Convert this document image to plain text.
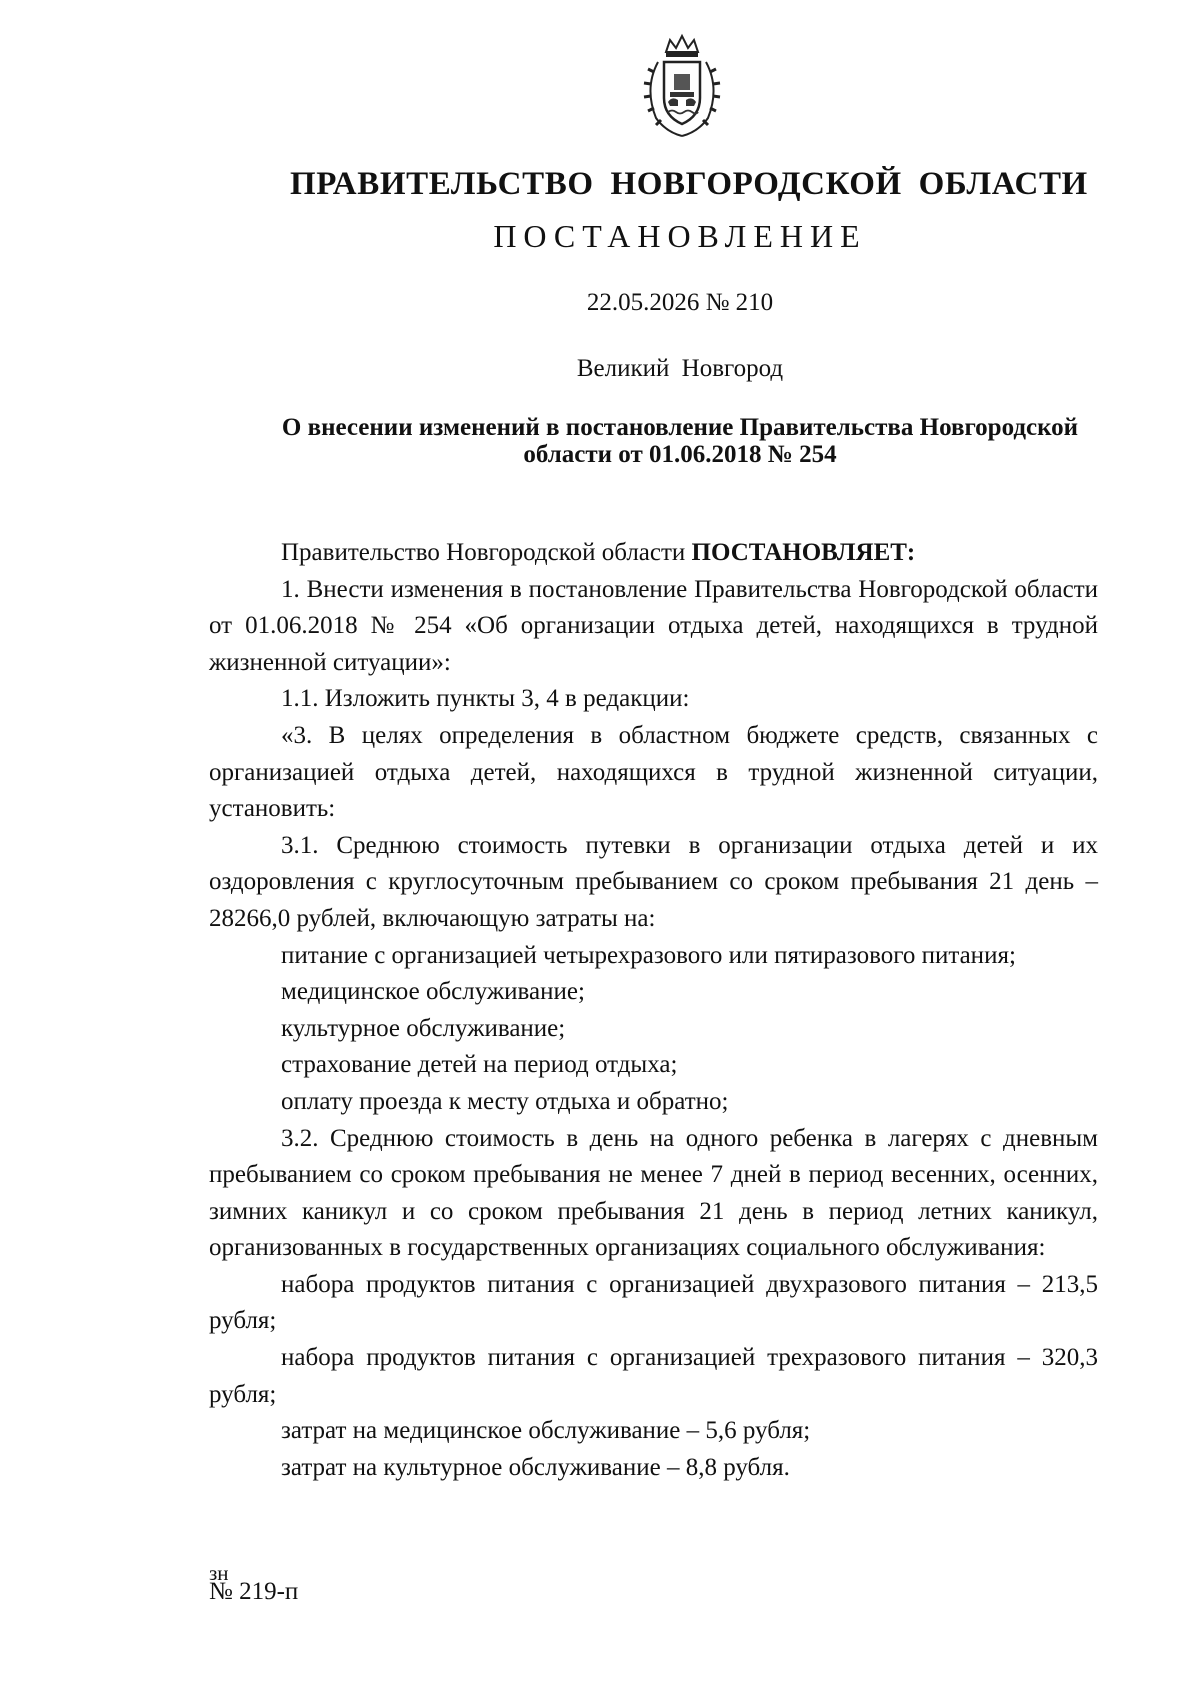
ПРАВИТЕЛЬСТВО НОВГОРОДСКОЙ ОБЛАСТИ

ПОСТАНОВЛЕНИЕ

22.05.2026 № 210

Великий Новгород

О внесении изменений в постановление Правительства Новгородской области от 01.06.2018 № 254

Правительство Новгородской области ПОСТАНОВЛЯЕТ:

1. Внести изменения в постановление Правительства Новгородской области от 01.06.2018 № 254 «Об организации отдыха детей, находящихся в трудной жизненной ситуации»:

1.1. Изложить пункты 3, 4 в редакции:

«3. В целях определения в областном бюджете средств, связанных с организацией отдыха детей, находящихся в трудной жизненной ситуации, установить:

3.1. Среднюю стоимость путевки в организации отдыха детей и их оздоровления с круглосуточным пребыванием со сроком пребывания 21 день – 28266,0 рублей, включающую затраты на:

питание с организацией четырехразового или пятиразового питания;

медицинское обслуживание;

культурное обслуживание;

страхование детей на период отдыха;

оплату проезда к месту отдыха и обратно;

3.2. Среднюю стоимость в день на одного ребенка в лагерях с дневным пребыванием со сроком пребывания не менее 7 дней в период весенних, осенних, зимних каникул и со сроком пребывания 21 день в период летних каникул, организованных в государственных организациях социального обслуживания:

набора продуктов питания с организацией двухразового питания – 213,5 рубля;

набора продуктов питания с организацией трехразового питания – 320,3 рубля;

затрат на медицинское обслуживание – 5,6 рубля;

затрат на культурное обслуживание – 8,8 рубля.

зн
№ 219-п
